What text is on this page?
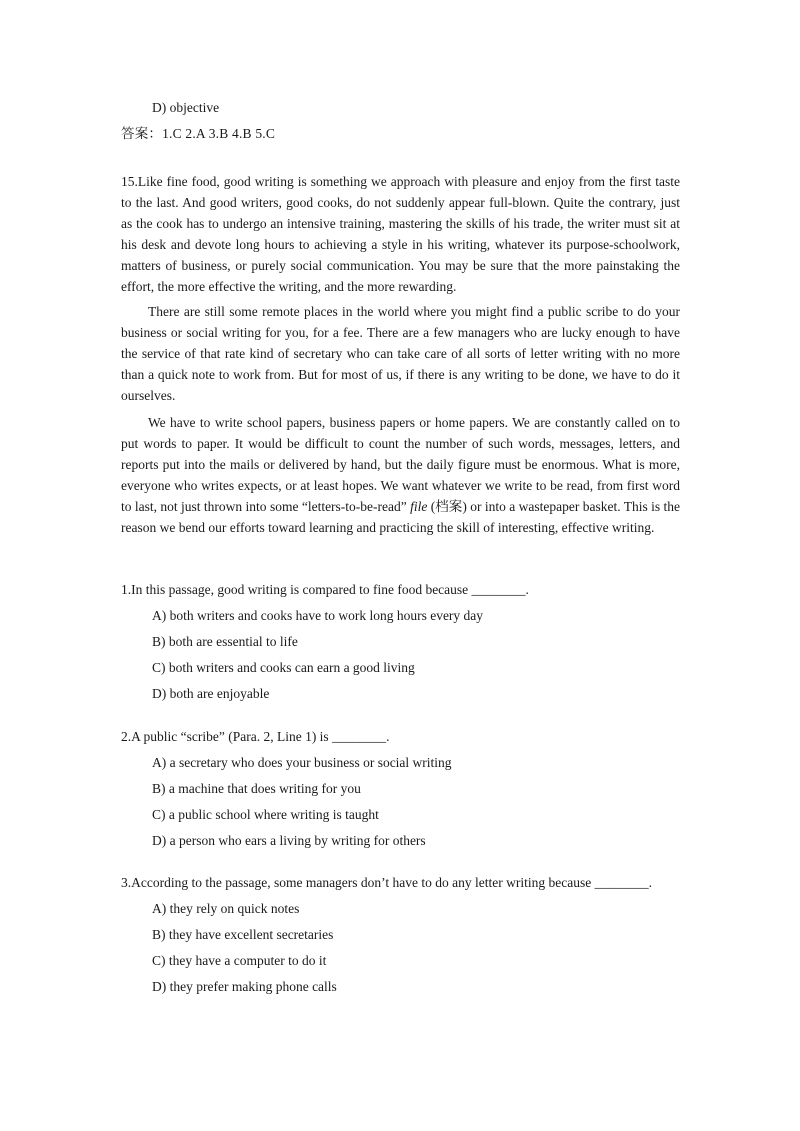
D) objective
答案：1.C 2.A 3.B 4.B 5.C
15.Like fine food, good writing is something we approach with pleasure and enjoy from the first taste to the last. And good writers, good cooks, do not suddenly appear full-blown. Quite the contrary, just as the cook has to undergo an intensive training, mastering the skills of his trade, the writer must sit at his desk and devote long hours to achieving a style in his writing, whatever its purpose-schoolwork, matters of business, or purely social communication. You may be sure that the more painstaking the effort, the more effective the writing, and the more rewarding.
There are still some remote places in the world where you might find a public scribe to do your business or social writing for you, for a fee. There are a few managers who are lucky enough to have the service of that rate kind of secretary who can take care of all sorts of letter writing with no more than a quick note to work from. But for most of us, if there is any writing to be done, we have to do it ourselves.
We have to write school papers, business papers or home papers. We are constantly called on to put words to paper. It would be difficult to count the number of such words, messages, letters, and reports put into the mails or delivered by hand, but the daily figure must be enormous. What is more, everyone who writes expects, or at least hopes. We want whatever we write to be read, from first word to last, not just thrown into some “letters-to-be-read” file (档案) or into a wastepaper basket. This is the reason we bend our efforts toward learning and practicing the skill of interesting, effective writing.
1.In this passage, good writing is compared to fine food because ________.
A) both writers and cooks have to work long hours every day
B) both are essential to life
C) both writers and cooks can earn a good living
D) both are enjoyable
2.A public “scribe” (Para. 2, Line 1) is ________.
A) a secretary who does your business or social writing
B) a machine that does writing for you
C) a public school where writing is taught
D) a person who ears a living by writing for others
3.According to the passage, some managers don’t have to do any letter writing because ________.
A) they rely on quick notes
B) they have excellent secretaries
C) they have a computer to do it
D) they prefer making phone calls
